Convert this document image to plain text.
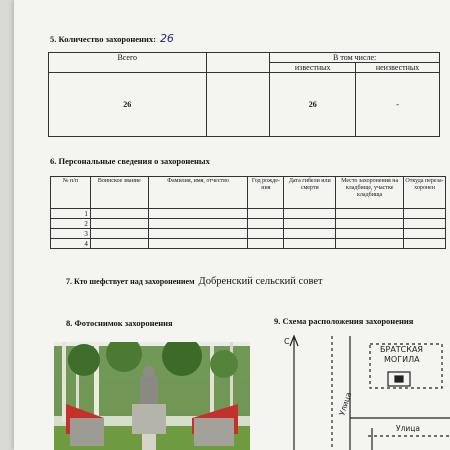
5. Количество захоронених: 26
Всего		В том числе:	
		известных	неизвестных
26		26	-
6. Персональные сведения о захороненых
№ п/п	Воинское звание	Фамилия, имя, отчество	Год рожде-ния	Дата гибели или смерти	Место захоронения на кладбище, участке кладбища	Откуда переза-хоронен
1						
2						
3						
4						
7. Кто шефствует над захоронением Добренский сельский совет
8. Фотоснимок захоронения	9. Схема расположения захоронения
С
БРАТСКАЯ
МОГИЛА
Улица
Улица
